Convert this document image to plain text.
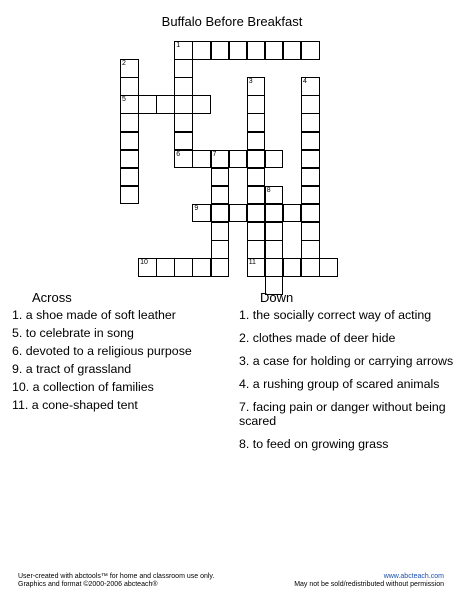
Buffalo Before Breakfast
1
6
2
5
3	4
7
8
9
10	11
Across	Down
1. a shoe made of soft leather
5. to celebrate in song
6. devoted to a religious purpose
9. a tract of grassland
10. a collection of families
11. a cone-shaped tent
1. the socially correct way of acting
2. clothes made of deer hide
3. a case for holding or carrying arrows
4. a rushing group of scared animals
7. facing pain or danger without being scared
8. to feed on growing grass
User-created with abctools™ for home and classroom use only.
Graphics and format ©2000-2006 abcteach®
www.abcteach.com
May not be sold/redistributed without permission
